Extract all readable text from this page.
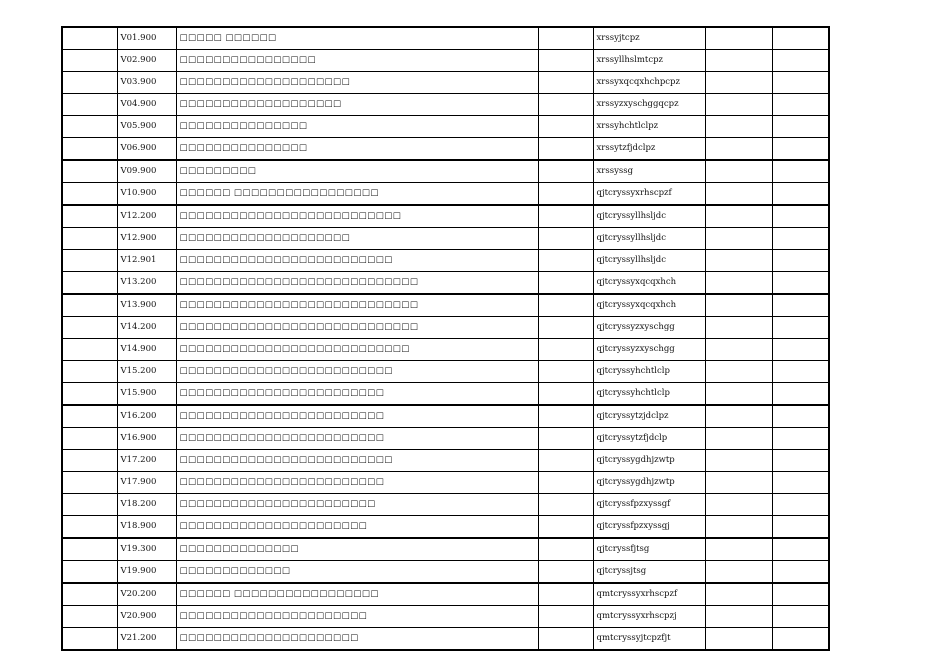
	V01.900	□□□□□ □□□□□□		xrssyjtcpz		
	V02.900	□□□□□□□□□□□□□□□□		xrssyllhslmtcpz		
	V03.900	□□□□□□□□□□□□□□□□□□□□		xrssyxqcqxhchpcpz		
	V04.900	□□□□□□□□□□□□□□□□□□□		xrssyzxyschggqcpz		
	V05.900	□□□□□□□□□□□□□□□		xrssyhchtlclpz		
	V06.900	□□□□□□□□□□□□□□□		xrssytzfjdclpz		
	V09.900	□□□□□□□□□		xrssyssg		
	V10.900	□□□□□□ □□□□□□□□□□□□□□□□□		qjtcryssyxrhscpzf		
	V12.200	□□□□□□□□□□□□□□□□□□□□□□□□□□		qjtcryssyllhsljdc		
	V12.900	□□□□□□□□□□□□□□□□□□□□		qjtcryssyllhsljdc		
	V12.901	□□□□□□□□□□□□□□□□□□□□□□□□□		qjtcryssyllhsljdc		
	V13.200	□□□□□□□□□□□□□□□□□□□□□□□□□□□□		qjtcryssyxqcqxhch		
	V13.900	□□□□□□□□□□□□□□□□□□□□□□□□□□□□		qjtcryssyxqcqxhch		
	V14.200	□□□□□□□□□□□□□□□□□□□□□□□□□□□□		qjtcryssyzxyschgg		
	V14.900	□□□□□□□□□□□□□□□□□□□□□□□□□□□		qjtcryssyzxyschgg		
	V15.200	□□□□□□□□□□□□□□□□□□□□□□□□□		qjtcryssyhchtlclp		
	V15.900	□□□□□□□□□□□□□□□□□□□□□□□□		qjtcryssyhchtlclp		
	V16.200	□□□□□□□□□□□□□□□□□□□□□□□□		qjtcryssytzjdclpz		
	V16.900	□□□□□□□□□□□□□□□□□□□□□□□□		qjtcryssytzfjdclp		
	V17.200	□□□□□□□□□□□□□□□□□□□□□□□□□		qjtcryssygdhjzwtp		
	V17.900	□□□□□□□□□□□□□□□□□□□□□□□□		qjtcryssygdhjzwtp		
	V18.200	□□□□□□□□□□□□□□□□□□□□□□□		qjtcryssfpzxyssgf		
	V18.900	□□□□□□□□□□□□□□□□□□□□□□		qjtcryssfpzxyssgj		
	V19.300	□□□□□□□□□□□□□□		qjtcryssfjtsg		
	V19.900	□□□□□□□□□□□□□		qjtcryssjtsg		
	V20.200	□□□□□□ □□□□□□□□□□□□□□□□□		qmtcryssyxrhscpzf		
	V20.900	□□□□□□□□□□□□□□□□□□□□□□		qmtcryssyxrhscpzj		
	V21.200	□□□□□□□□□□□□□□□□□□□□□		qmtcryssyjtcpzfjt		
